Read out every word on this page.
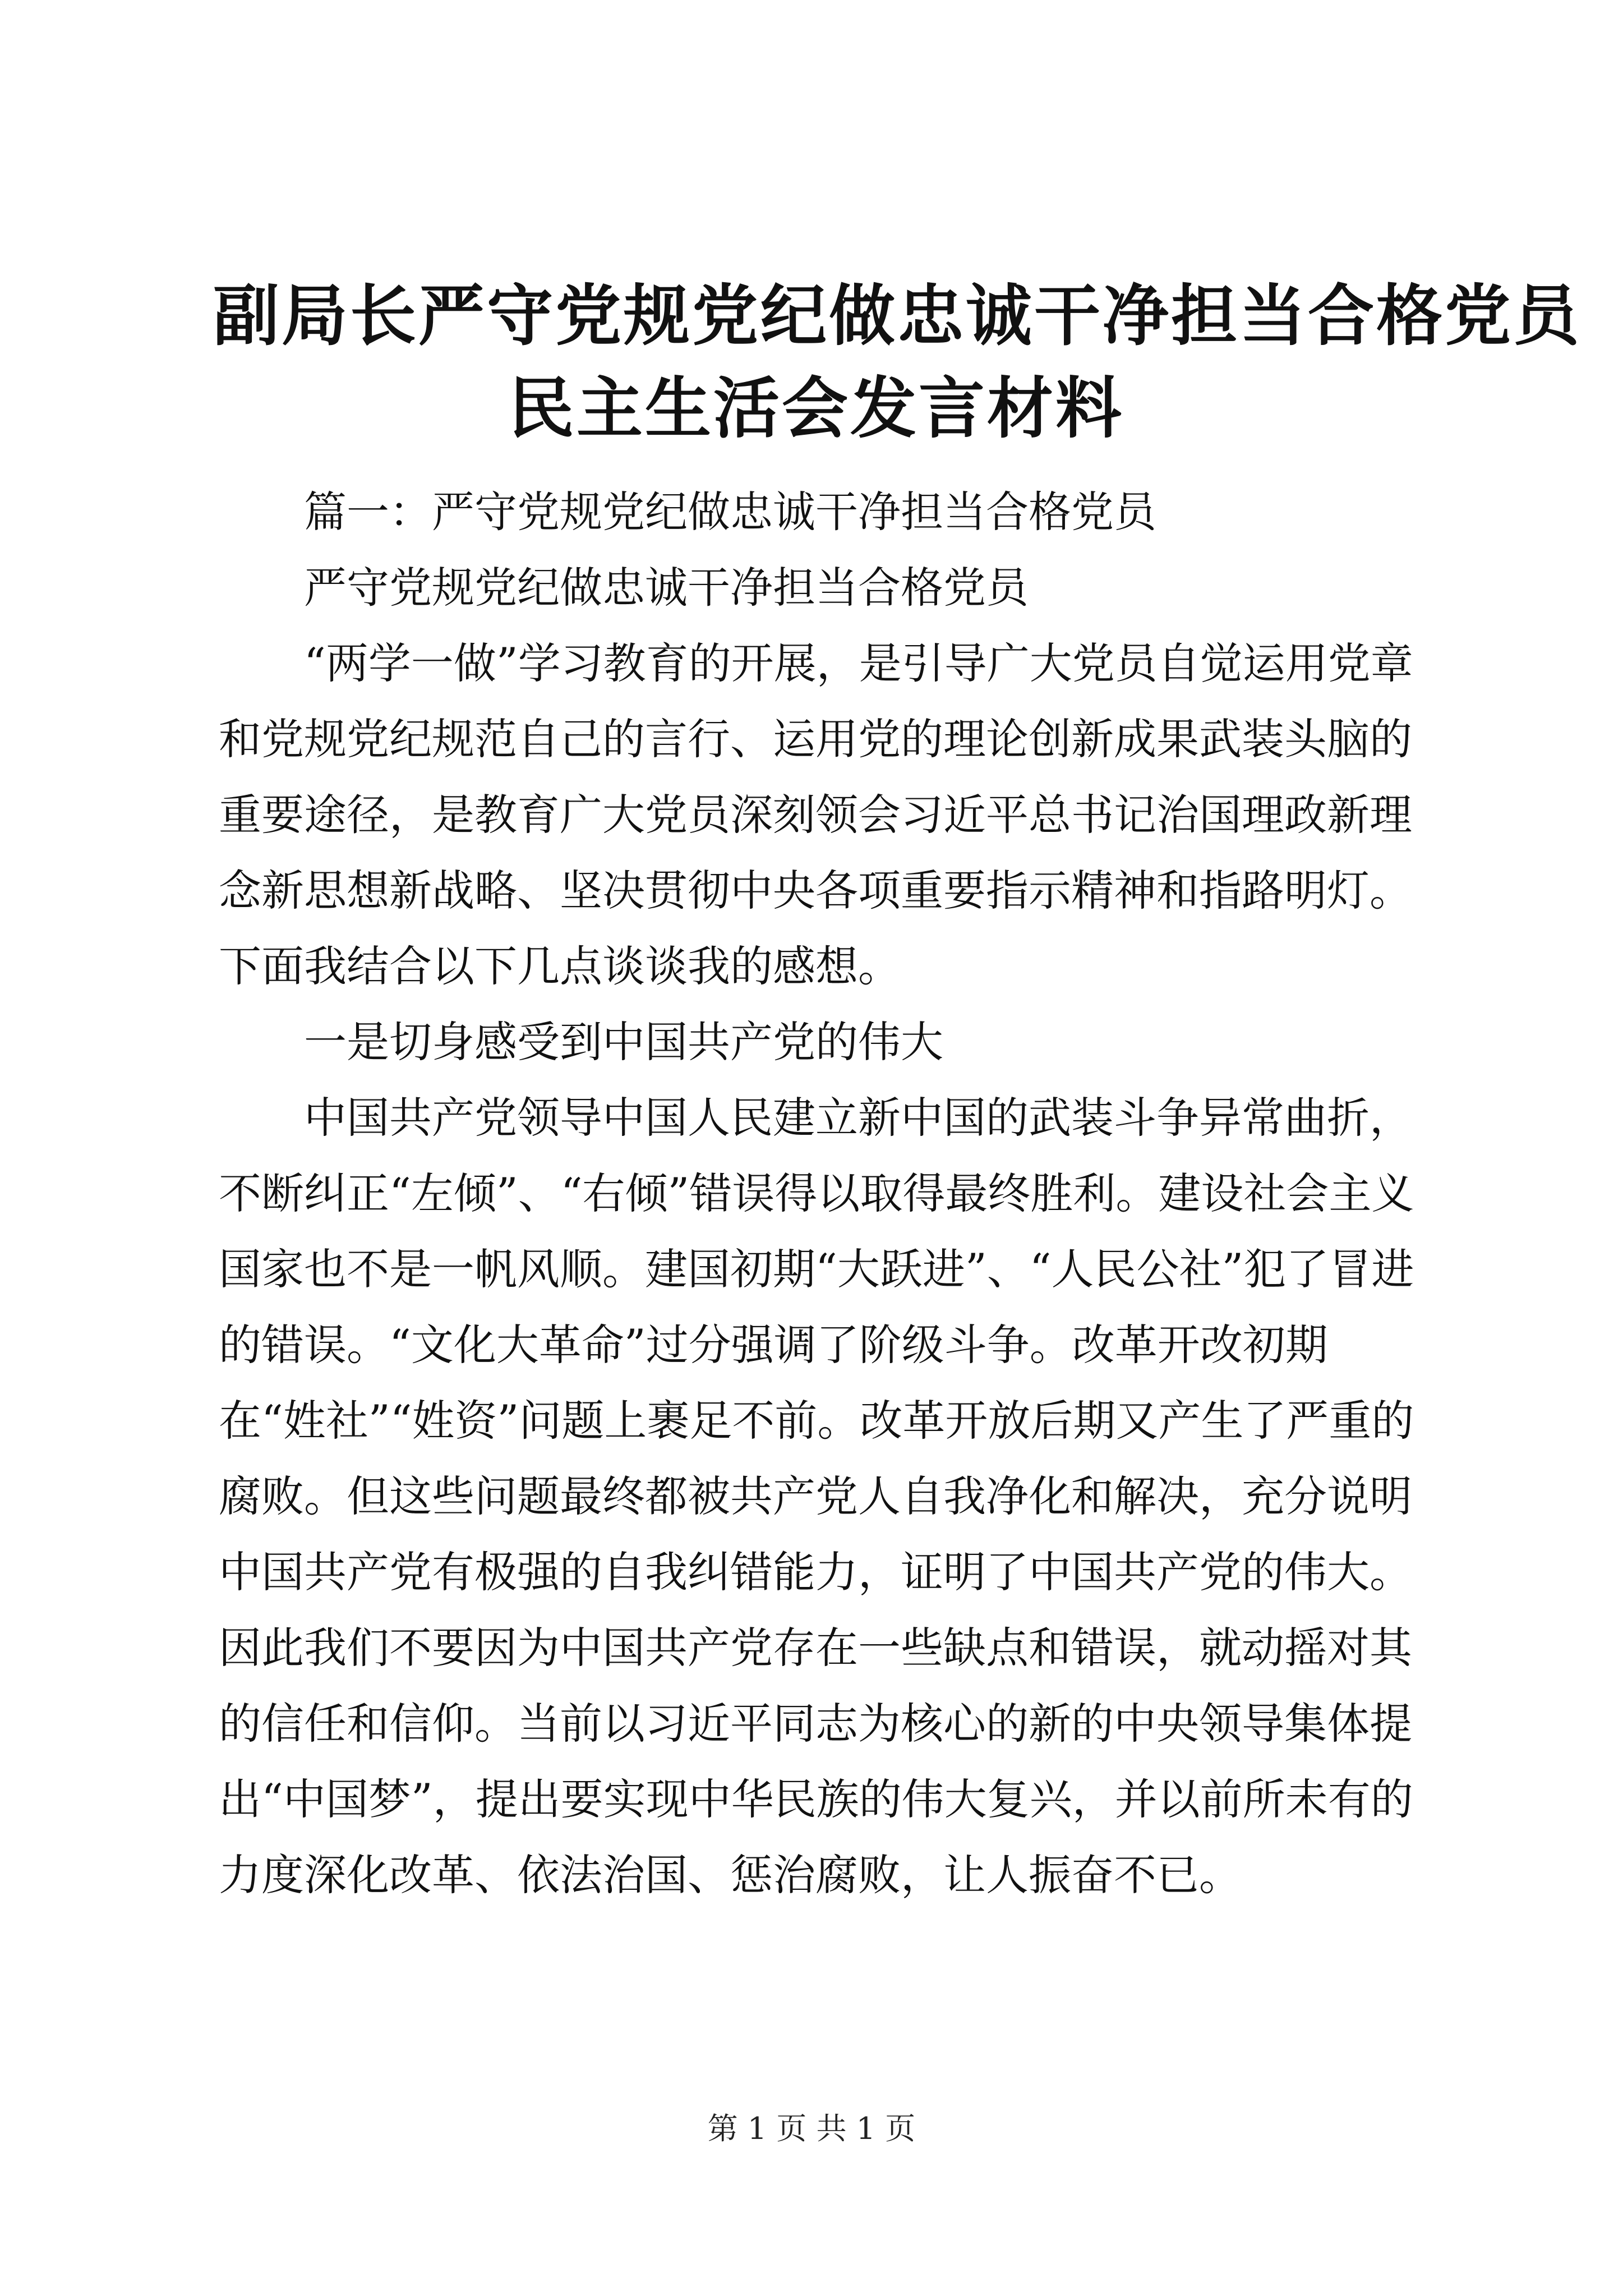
副局长严守党规党纪做忠诚干净担当合格党员
民主生活会发言材料

篇一：严守党规党纪做忠诚干净担当合格党员

严守党规党纪做忠诚干净担当合格党员

“两学一做”学习教育的开展，是引导广大党员自觉运用党章和党规党纪规范自己的言行、运用党的理论创新成果武装头脑的重要途径，是教育广大党员深刻领会习近平总书记治国理政新理念新思想新战略、坚决贯彻中央各项重要指示精神和指路明灯。下面我结合以下几点谈谈我的感想。

一是切身感受到中国共产党的伟大

中国共产党领导中国人民建立新中国的武装斗争异常曲折，不断纠正“左倾”、“右倾”错误得以取得最终胜利。建设社会主义国家也不是一帆风顺。建国初期“大跃进”、“人民公社”犯了冒进的错误。“文化大革命”过分强调了阶级斗争。改革开改初期在“姓社”“姓资”问题上裹足不前。改革开放后期又产生了严重的腐败。但这些问题最终都被共产党人自我净化和解决，充分说明中国共产党有极强的自我纠错能力，证明了中国共产党的伟大。因此我们不要因为中国共产党存在一些缺点和错误，就动摇对其的信任和信仰。当前以习近平同志为核心的新的中央领导集体提出“中国梦”，提出要实现中华民族的伟大复兴，并以前所未有的力度深化改革、依法治国、惩治腐败，让人振奋不已。

第 1 页 共 1 页
